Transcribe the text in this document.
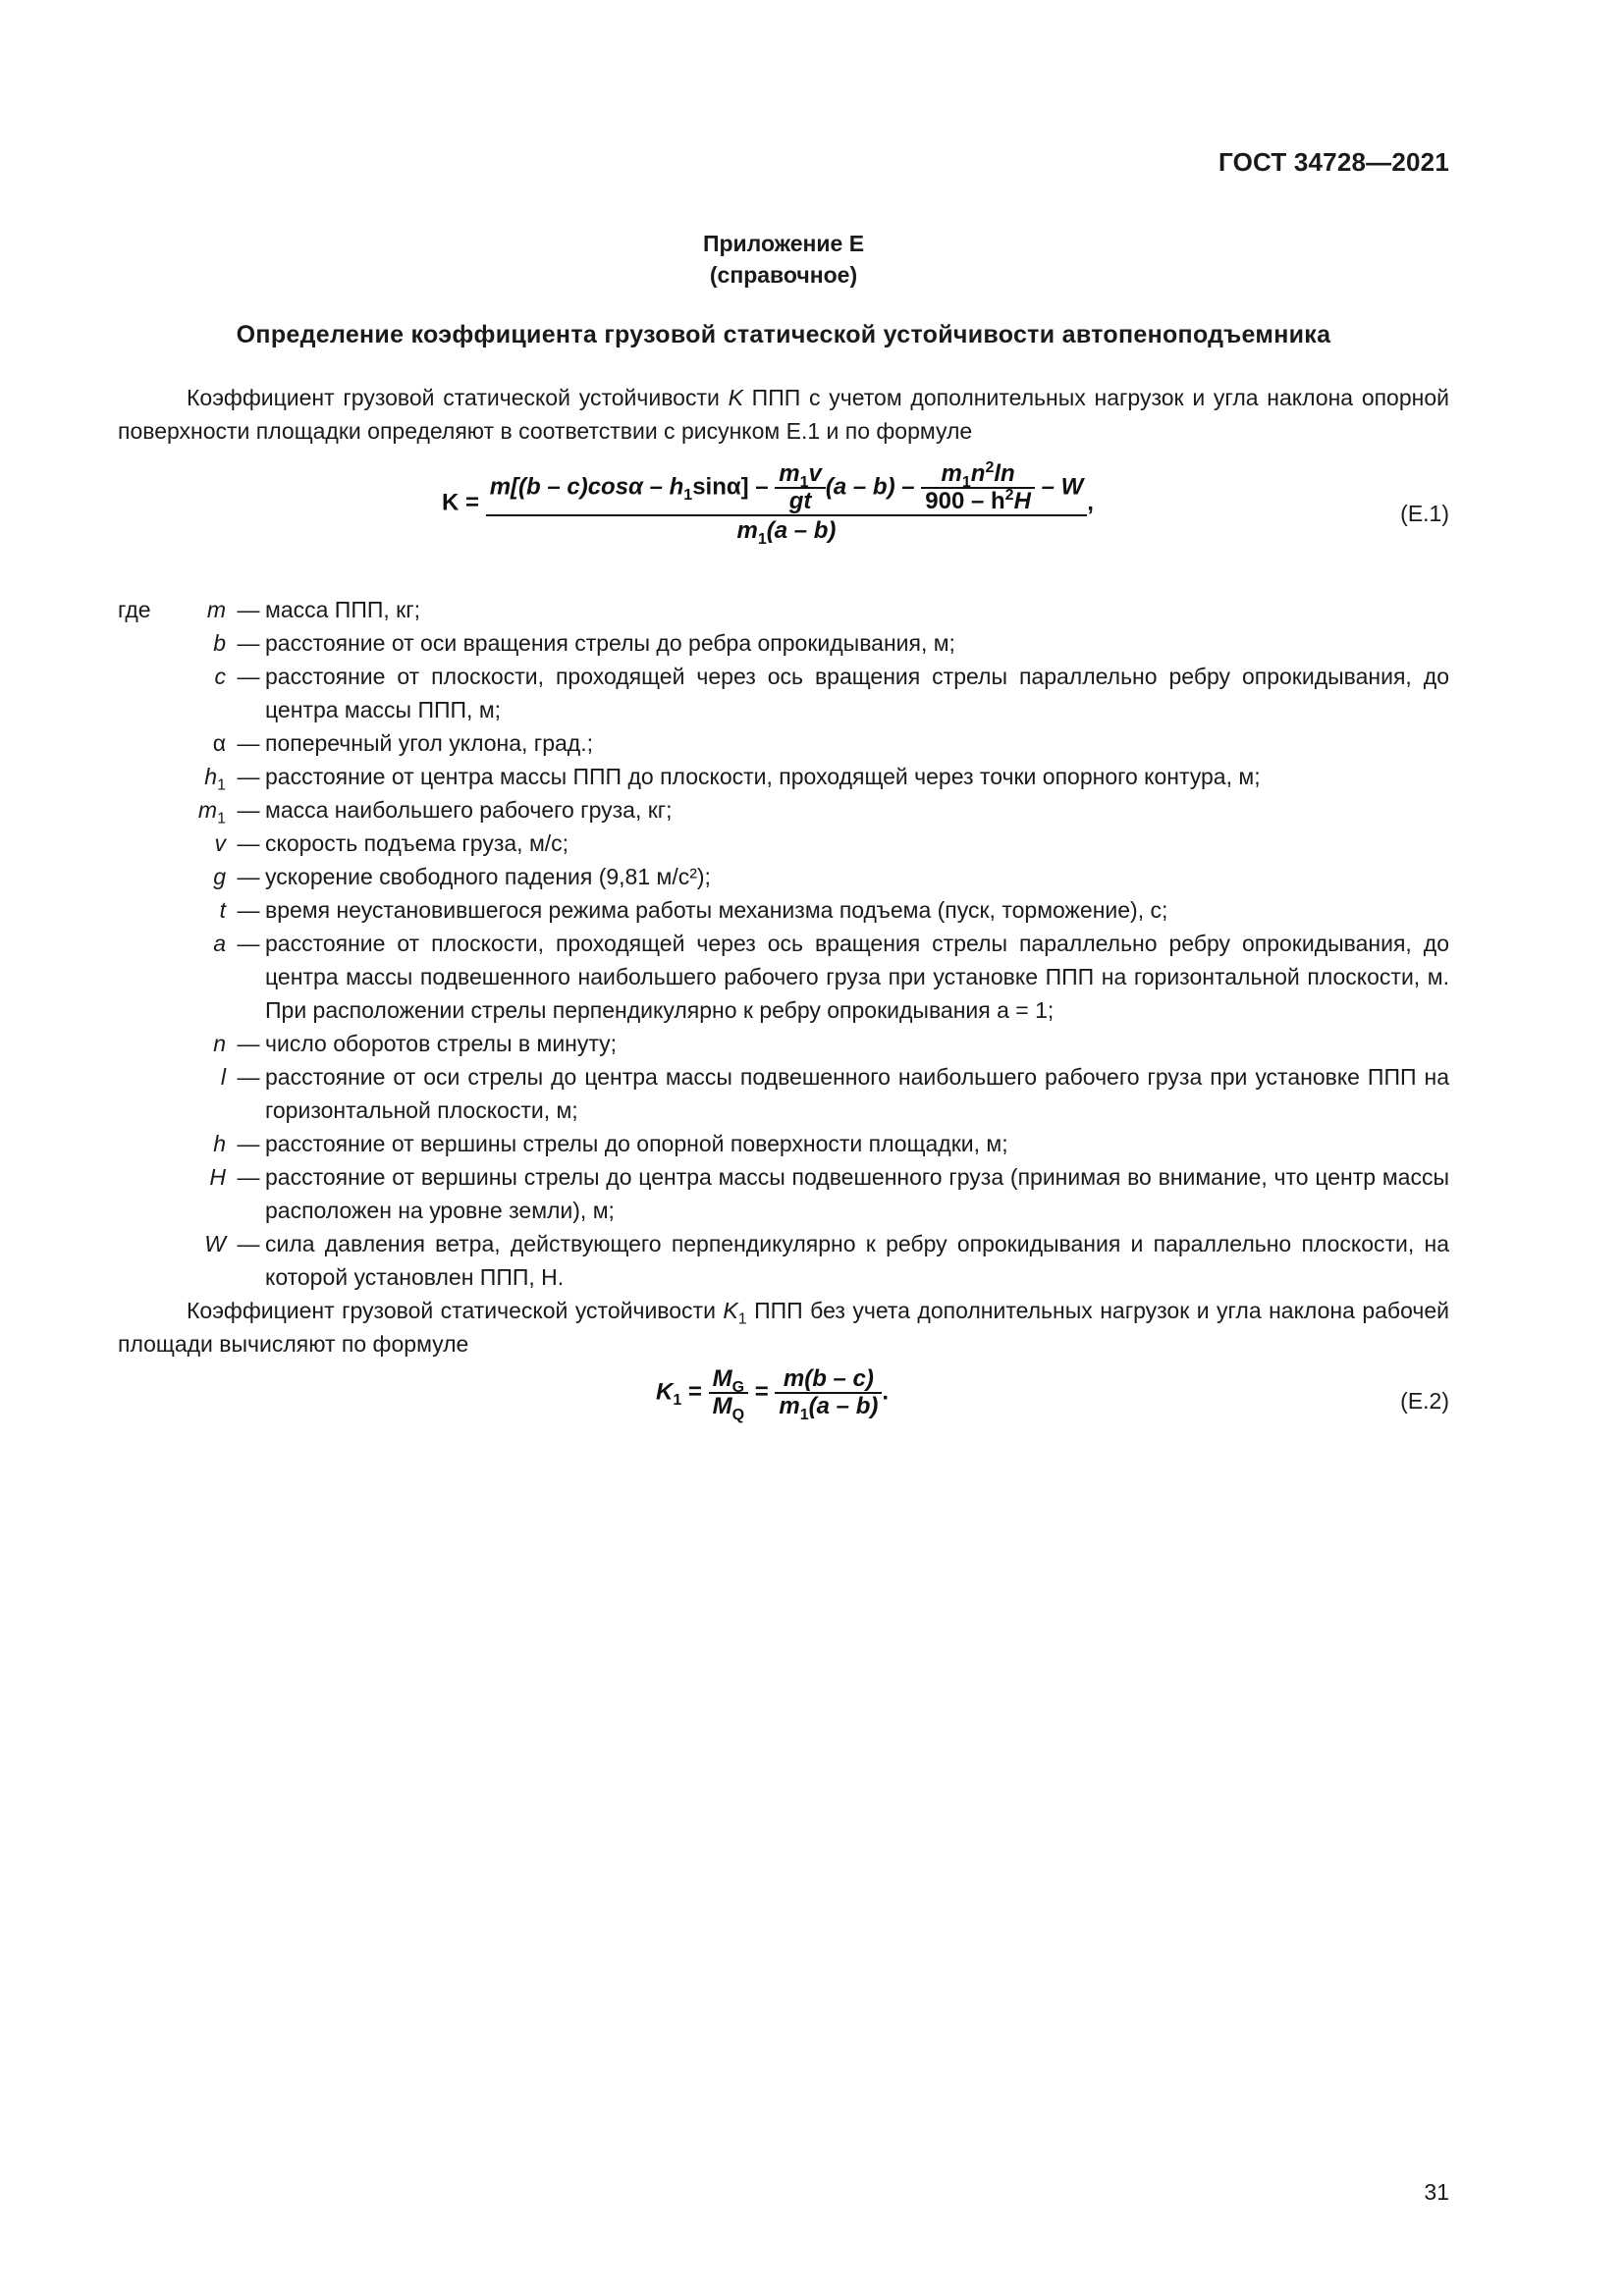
ГОСТ 34728—2021
Приложение Е
(справочное)
Определение коэффициента грузовой статической устойчивости автопеноподъемника

Коэффициент грузовой статической устойчивости K ППП с учетом дополнительных нагрузок и угла наклона опорной поверхности площадки определяют в соответствии с рисунком Е.1 и по формуле

K =
$m[(b - c)\cos\alpha - h_1\sin\alpha] - \frac{m_1v}{gt} (a - b) - \frac{m_1n^2\ln}{900 - h^2H}$ – W
$m_1(a - b)$
,	(Е.1)
где m — масса ППП, кг;
b — расстояние от оси вращения стрелы до ребра опрокидывания, м;
c — расстояние от плоскости, проходящей через ось вращения стрелы параллельно ребру опрокидывания, до центра массы ППП, м;
α — поперечный угол уклона, град.;
$h_1$ — расстояние от центра массы ППП до плоскости, проходящей через точки опорного контура, м;
$m_1$ — масса наибольшего рабочего груза, кг;
v — скорость подъема груза, м/с;
g — ускорение свободного падения (9,81 м/с²);
t — время неустановившегося режима работы механизма подъема (пуск, торможение), с;
a — расстояние от плоскости, проходящей через ось вращения стрелы параллельно ребру опрокидывания, до центра массы подвешенного наибольшего рабочего груза при установке ППП на горизонтальной плоскости, м. При расположении стрелы перпендикулярно к ребру опрокидывания a = 1;
n — число оборотов стрелы в минуту;
l — расстояние от оси стрелы до центра массы подвешенного наибольшего рабочего груза при установке ППП на горизонтальной плоскости, м;
h — расстояние от вершины стрелы до опорной поверхности площадки, м;
H — расстояние от вершины стрелы до центра массы подвешенного груза (принимая во внимание, что центр массы расположен на уровне земли), м;
W — сила давления ветра, действующего перпендикулярно к ребру опрокидывания и параллельно плоскости, на которой установлен ППП, Н.

Коэффициент грузовой статической устойчивости $K_1$ ППП без учета дополнительных нагрузок и угла наклона рабочей площади вычисляют по формуле

$K_1 = \frac{M_G}{M_Q} = \frac{m(b - c)}{m_1(a - b)}$ .	(Е.2)
31
